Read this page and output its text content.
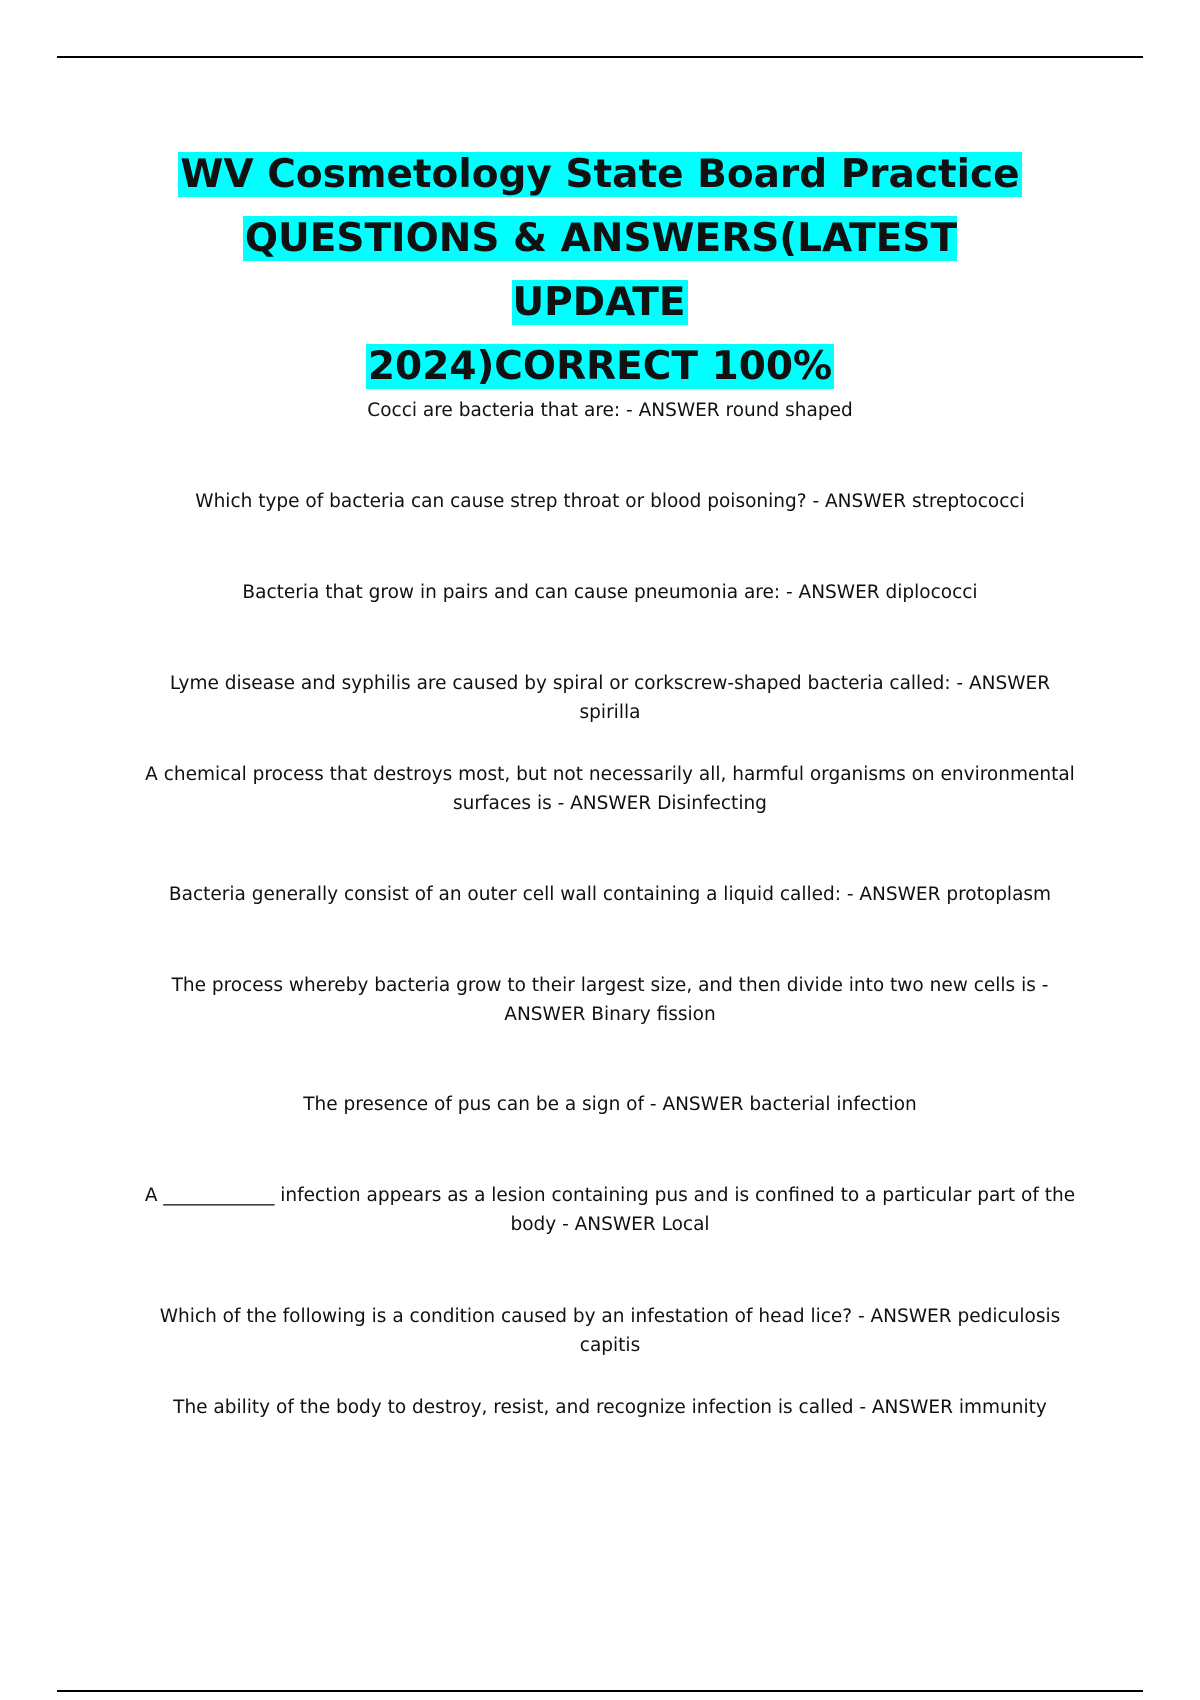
WV Cosmetology State Board Practice
QUESTIONS & ANSWERS(LATEST UPDATE
2024)CORRECT 100%

Cocci are bacteria that are: - ANSWER round shaped

Which type of bacteria can cause strep throat or blood poisoning? - ANSWER streptococci

Bacteria that grow in pairs and can cause pneumonia are: - ANSWER diplococci

Lyme disease and syphilis are caused by spiral or corkscrew-shaped bacteria called: - ANSWER spirilla

A chemical process that destroys most, but not necessarily all, harmful organisms on environmental surfaces is - ANSWER Disinfecting

Bacteria generally consist of an outer cell wall containing a liquid called: - ANSWER protoplasm

The process whereby bacteria grow to their largest size, and then divide into two new cells is - ANSWER Binary fission

The presence of pus can be a sign of - ANSWER bacterial infection

A ____________ infection appears as a lesion containing pus and is confined to a particular part of the body - ANSWER Local

Which of the following is a condition caused by an infestation of head lice? - ANSWER pediculosis capitis

The ability of the body to destroy, resist, and recognize infection is called - ANSWER immunity
